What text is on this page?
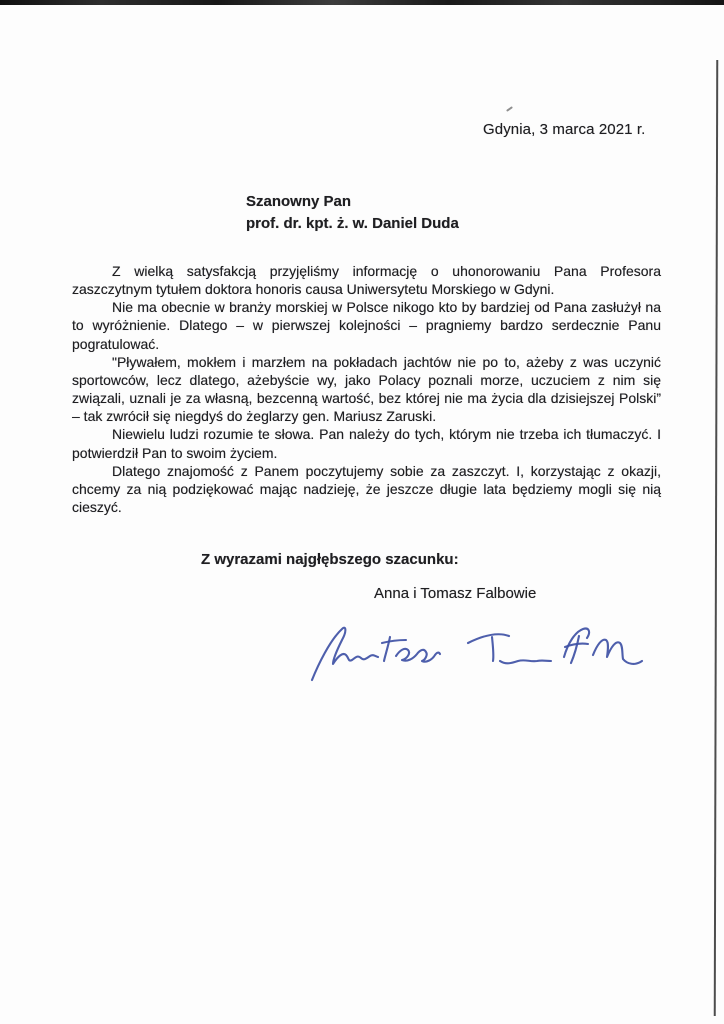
Gdynia, 3 marca 2021 r.
Szanowny Pan
prof. dr. kpt. ż. w. Daniel Duda

Z wielką satysfakcją przyjęliśmy informację o uhonorowaniu Pana Profesora zaszczytnym tytułem doktora honoris causa Uniwersytetu Morskiego w Gdyni.

Nie ma obecnie w branży morskiej w Polsce nikogo kto by bardziej od Pana zasłużył na to wyróżnienie. Dlatego – w pierwszej kolejności – pragniemy bardzo serdecznie Panu pogratulować.

"Pływałem, mokłem i marzłem na pokładach jachtów nie po to, ażeby z was uczynić sportowców, lecz dlatego, ażebyście wy, jako Polacy poznali morze, uczuciem z nim się związali, uznali je za własną, bezcenną wartość, bez której nie ma życia dla dzisiejszej Polski” – tak zwrócił się niegdyś do żeglarzy gen. Mariusz Zaruski.

Niewielu ludzi rozumie te słowa. Pan należy do tych, którym nie trzeba ich tłumaczyć. I potwierdził Pan to swoim życiem.

Dlatego znajomość z Panem poczytujemy sobie za zaszczyt. I, korzystając z okazji, chcemy za nią podziękować mając nadzieję, że jeszcze długie lata będziemy mogli się nią cieszyć.

Z wyrazami najgłębszego szacunku:
Anna i Tomasz Falbowie
